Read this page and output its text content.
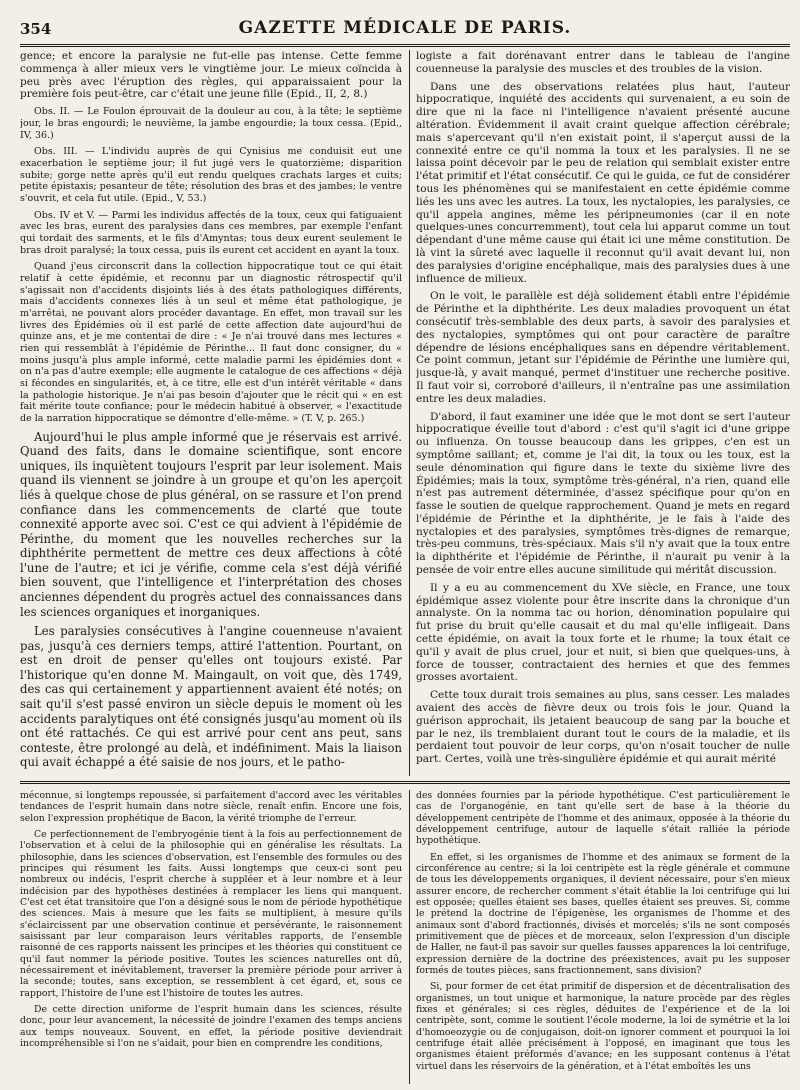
354	GAZETTE MÉDICALE DE PARIS.

gence; et encore la paralysie ne fut-elle pas intense. Cette femme commença à aller mieux vers le vingtième jour. Le mieux coïncida à peu près avec l'éruption des règles, qui apparaissaient pour la première fois peut-être, car c'était une jeune fille (Epid., II, 2, 8.)

Obs. II. — Le Foulon éprouvait de la douleur au cou, à la tête; le septième jour, le bras engourdi; le neuvième, la jambe engourdie; la toux cessa. (Epid., IV, 36.)

Obs. III. — L'individu auprès de qui Cynisius me conduisit eut une exacerbation le septième jour; il fut jugé vers le quatorzième; disparition subite; gorge nette après qu'il eut rendu quelques crachats larges et cuits; petite épistaxis; pesanteur de tête; résolution des bras et des jambes; le ventre s'ouvrit, et cela fut utile. (Epid., V, 53.)

Obs. IV et V. — Parmi les individus affectés de la toux, ceux qui fatiguaient avec les bras, eurent des paralysies dans ces membres, par exemple l'enfant qui tordait des sarments, et le fils d'Amyntas; tous deux eurent seulement le bras droit paralysé; la toux cessa, puis ils eurent cet accident en ayant la toux.

Quand j'eus circonscrit dans la collection hippocratique tout ce qui était relatif à cette épidémie, et reconnu par un diagnostic rétrospectif qu'il s'agissait non d'accidents disjoints liés à des états pathologiques différents, mais d'accidents connexes liés à un seul et même état pathologique, je m'arrêtai, ne pouvant alors procéder davantage. En effet, mon travail sur les livres des Épidémies où il est parlé de cette affection date aujourd'hui de quinze ans, et je me contentai de dire : « Je n'ai trouvé dans mes lectures « rien qui ressemblât à l'épidémie de Périnthe... Il faut donc consigner, du « moins jusqu'à plus ample informé, cette maladie parmi les épidémies dont « on n'a pas d'autre exemple; elle augmente le catalogue de ces affections « déjà si fécondes en singularités, et, à ce titre, elle est d'un intérêt véritable « dans la pathologie historique. Je n'ai pas besoin d'ajouter que le récit qui « en est fait mérite toute confiance; pour le médecin habitué à observer, « l'exactitude de la narration hippocratique se démontre d'elle-même. » (T. V, p. 265.)

Aujourd'hui le plus ample informé que je réservais est arrivé. Quand des faits, dans le domaine scientifique, sont encore uniques, ils inquiètent toujours l'esprit par leur isolement. Mais quand ils viennent se joindre à un groupe et qu'on les aperçoit liés à quelque chose de plus général, on se rassure et l'on prend confiance dans les commencements de clarté que toute connexité apporte avec soi. C'est ce qui advient à l'épidémie de Périnthe, du moment que les nouvelles recherches sur la diphthérite permettent de mettre ces deux affections à côté l'une de l'autre; et ici je vérifie, comme cela s'est déjà vérifié bien souvent, que l'intelligence et l'interprétation des choses anciennes dépendent du progrès actuel des connaissances dans les sciences organiques et inorganiques.

Les paralysies consécutives à l'angine couenneuse n'avaient pas, jusqu'à ces derniers temps, attiré l'attention. Pourtant, on est en droit de penser qu'elles ont toujours existé. Par l'historique qu'en donne M. Maingault, on voit que, dès 1749, des cas qui certainement y appartiennent avaient été notés; on sait qu'il s'est passé environ un siècle depuis le moment où les accidents paralytiques ont été consignés jusqu'au moment où ils ont été rattachés. Ce qui est arrivé pour cent ans peut, sans conteste, être prolongé au delà, et indéfiniment. Mais la liaison qui avait échappé a été saisie de nos jours, et le patho-

logiste a fait dorénavant entrer dans le tableau de l'angine couenneuse la paralysie des muscles et des troubles de la vision.

Dans une des observations relatées plus haut, l'auteur hippocratique, inquiété des accidents qui survenaient, a eu soin de dire que ni la face ni l'intelligence n'avaient présenté aucune altération. Évidemment il avait craint quelque affection cérébrale; mais s'apercevant qu'il n'en existait point, il s'aperçut aussi de la connexité entre ce qu'il nomma la toux et les paralysies. Il ne se laissa point décevoir par le peu de relation qui semblait exister entre l'état primitif et l'état consécutif. Ce qui le guida, ce fut de considérer tous les phénomènes qui se manifestaient en cette épidémie comme liés les uns avec les autres. La toux, les nyctalopies, les paralysies, ce qu'il appela angines, même les péripneumonies (car il en note quelques-unes concurremment), tout cela lui apparut comme un tout dépendant d'une même cause qui était ici une même constitution. De là vint la sûreté avec laquelle il reconnut qu'il avait devant lui, non des paralysies d'origine encéphalique, mais des paralysies dues à une influence de milieux.

On le voit, le parallèle est déjà solidement établi entre l'épidémie de Périnthe et la diphthérite. Les deux maladies provoquent un état consécutif très-semblable des deux parts, à savoir des paralysies et des nyctalopies, symptômes qui ont pour caractère de paraître dépendre de lésions encéphaliques sans en dépendre véritablement. Ce point commun, jetant sur l'épidémie de Périnthe une lumière qui, jusque-là, y avait manqué, permet d'instituer une recherche positive. Il faut voir si, corroboré d'ailleurs, il n'entraîne pas une assimilation entre les deux maladies.

D'abord, il faut examiner une idée que le mot dont se sert l'auteur hippocratique éveille tout d'abord : c'est qu'il s'agit ici d'une grippe ou influenza. On tousse beaucoup dans les grippes, c'en est un symptôme saillant; et, comme je l'ai dit, la toux ou les toux, est la seule dénomination qui figure dans le texte du sixième livre des Épidémies; mais la toux, symptôme très-général, n'a rien, quand elle n'est pas autrement déterminée, d'assez spécifique pour qu'on en fasse le soutien de quelque rapprochement. Quand je mets en regard l'épidémie de Périnthe et la diphthérite, je le fais à l'aide des nyctalopies et des paralysies, symptômes très-dignes de remarque, très-peu communs, très-spéciaux. Mais s'il n'y avait que la toux entre la diphthérite et l'épidémie de Périnthe, il n'aurait pu venir à la pensée de voir entre elles aucune similitude qui méritât discussion.

Il y a eu au commencement du XVe siècle, en France, une toux épidémique assez violente pour être inscrite dans la chronique d'un annalyste. On la nomma tac ou horion, dénomination populaire qui fut prise du bruit qu'elle causait et du mal qu'elle infligeait. Dans cette épidémie, on avait la toux forte et le rhume; la toux était ce qu'il y avait de plus cruel, jour et nuit, si bien que quelques-uns, à force de tousser, contractaient des hernies et que des femmes grosses avortaient.

Cette toux durait trois semaines au plus, sans cesser. Les malades avaient des accès de fièvre deux ou trois fois le jour. Quand la guérison approchait, ils jetaient beaucoup de sang par la bouche et par le nez, ils tremblaient durant tout le cours de la maladie, et ils perdaient tout pouvoir de leur corps, qu'on n'osait toucher de nulle part. Certes, voilà une très-singulière épidémie et qui aurait mérité

méconnue, si longtemps repoussée, si parfaitement d'accord avec les véritables tendances de l'esprit humain dans notre siècle, renaît enfin. Encore une fois, selon l'expression prophétique de Bacon, la vérité triomphe de l'erreur.

Ce perfectionnement de l'embryogénie tient à la fois au perfectionnement de l'observation et à celui de la philosophie qui en généralise les résultats. La philosophie, dans les sciences d'observation, est l'ensemble des formules ou des principes qui résument les faits. Aussi longtemps que ceux-ci sont peu nombreux ou indécis, l'esprit cherche à suppléer et à leur nombre et à leur indécision par des hypothèses destinées à remplacer les liens qui manquent. C'est cet état transitoire que l'on a désigné sous le nom de période hypothétique des sciences. Mais à mesure que les faits se multiplient, à mesure qu'ils s'éclaircissent par une observation continue et persévérante, le raisonnement saisissant par leur comparaison leurs véritables rapports, de l'ensemble raisonné de ces rapports naissent les principes et les théories qui constituent ce qu'il faut nommer la période positive. Toutes les sciences naturelles ont dû, nécessairement et inévitablement, traverser la première période pour arriver à la seconde; toutes, sans exception, se ressemblent à cet égard, et, sous ce rapport, l'histoire de l'une est l'histoire de toutes les autres.

De cette direction uniforme de l'esprit humain dans les sciences, résulte donc, pour leur avancement, la nécessité de joindre l'examen des temps anciens aux temps nouveaux. Souvent, en effet, la période positive deviendrait incompréhensible si l'on ne s'aidait, pour bien en comprendre les conditions,

des données fournies par la période hypothétique. C'est particulièrement le cas de l'organogénie, en tant qu'elle sert de base à la théorie du développement centripète de l'homme et des animaux, opposée à la théorie du développement centrifuge, autour de laquelle s'était ralliée la période hypothétique.

En effet, si les organismes de l'homme et des animaux se forment de la circonférence au centre; si la loi centripète est la règle générale et commune de tous les développements organiques, il devient nécessaire, pour s'en mieux assurer encore, de rechercher comment s'était établie la loi centrifuge qui lui est opposée; quelles étaient ses bases, quelles étaient ses preuves. Si, comme le prétend la doctrine de l'épigenèse, les organismes de l'homme et des animaux sont d'abord fractionnés, divisés et morcelés; s'ils ne sont composés primitivement que de pièces et de morceaux, selon l'expression d'un disciple de Haller, ne faut-il pas savoir sur quelles fausses apparences la loi centrifuge, expression dernière de la doctrine des préexistences, avait pu les supposer formés de toutes pièces, sans fractionnement, sans division?

Si, pour former de cet état primitif de dispersion et de décentralisation des organismes, un tout unique et harmonique, la nature procède par des règles fixes et générales; si ces règles, déduites de l'expérience et de la loi centripète, sont, comme le soutient l'école moderne, la loi de symétrie et la loi d'homoeozygie ou de conjugaison, doit-on ignorer comment et pourquoi la loi centrifuge était allée précisément à l'opposé, en imaginant que tous les organismes étaient préformés d'avance; en les supposant contenus à l'état virtuel dans les réservoirs de la génération, et à l'état emboîtés les uns
